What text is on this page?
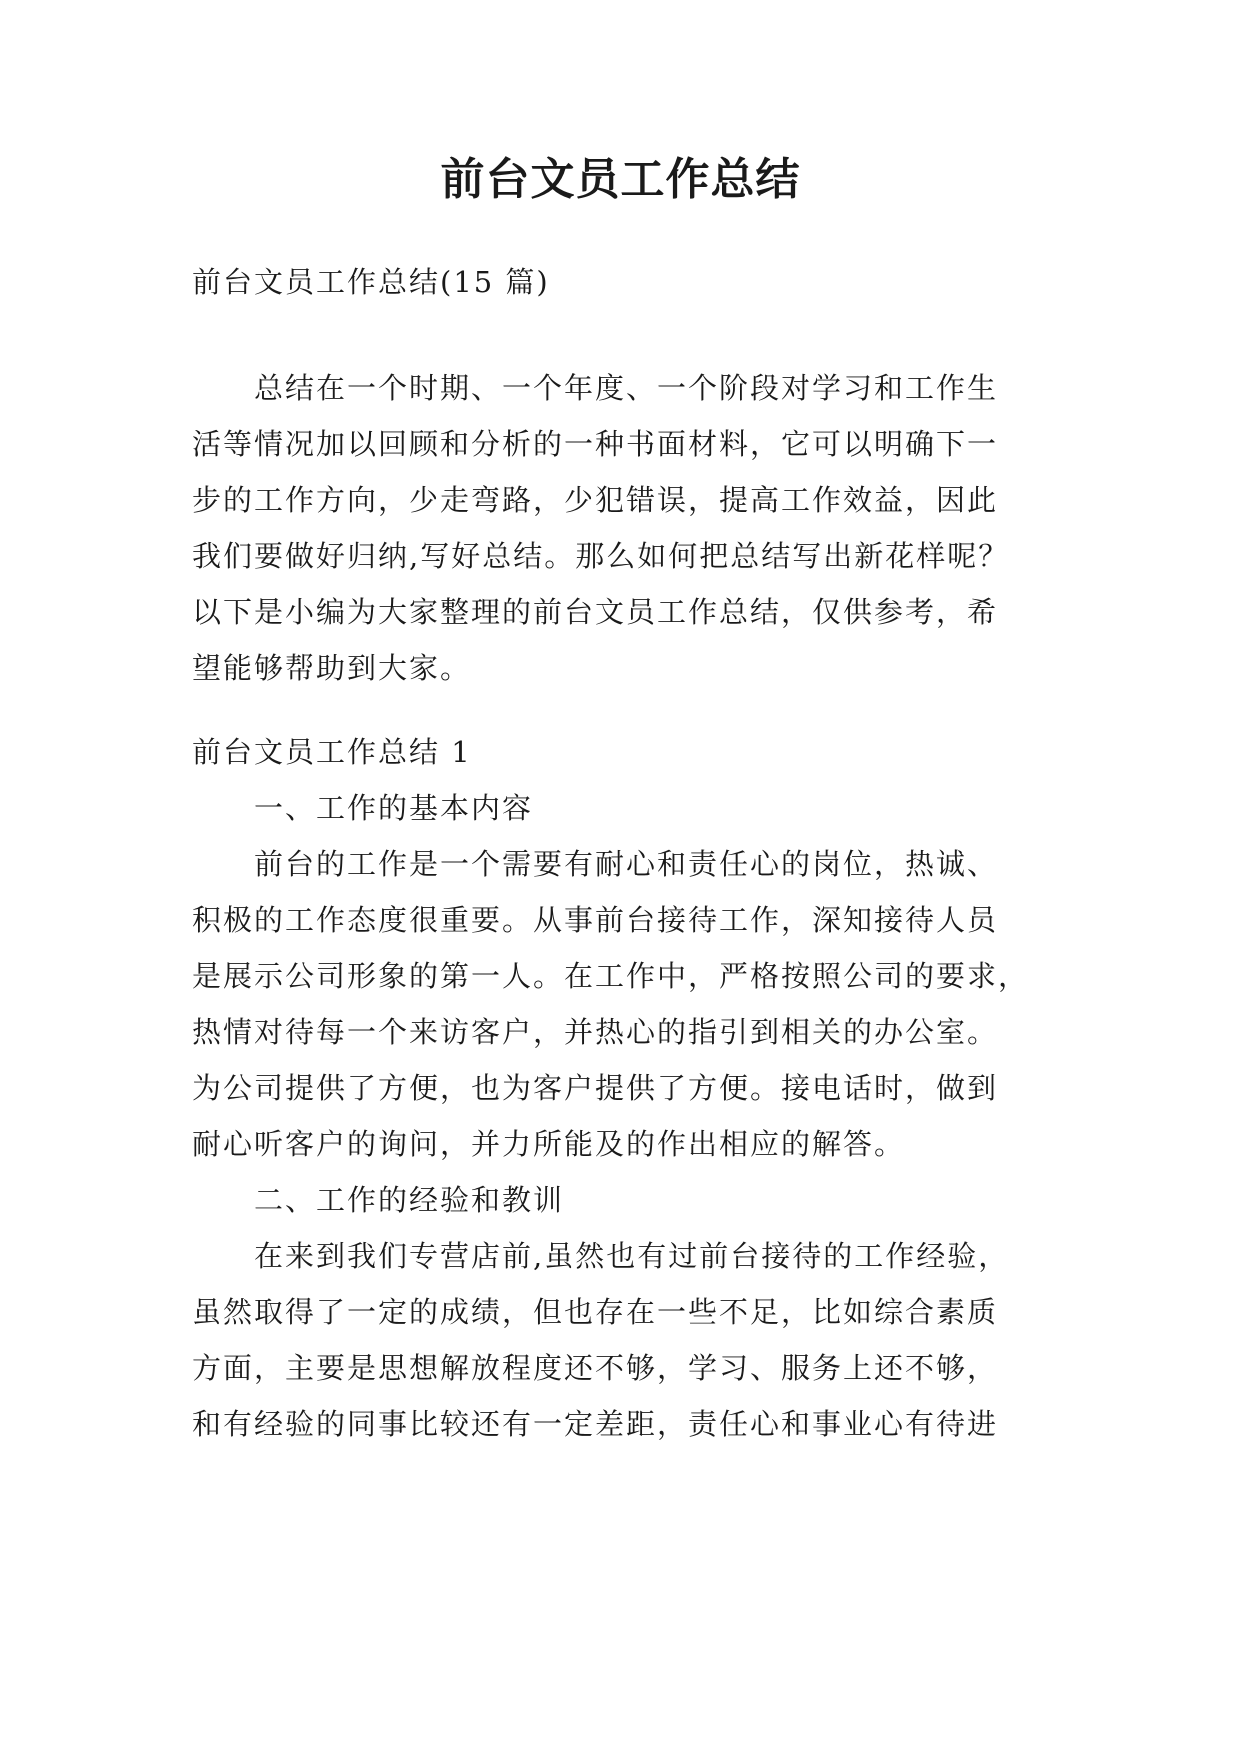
前台文员工作总结
前台文员工作总结(15 篇)
　　总结在一个时期、一个年度、一个阶段对学习和工作生
活等情况加以回顾和分析的一种书面材料，它可以明确下一
步的工作方向，少走弯路，少犯错误，提高工作效益，因此
我们要做好归纳,写好总结。那么如何把总结写出新花样呢？
以下是小编为大家整理的前台文员工作总结，仅供参考，希
望能够帮助到大家。
前台文员工作总结 1
　　一、工作的基本内容
　　前台的工作是一个需要有耐心和责任心的岗位，热诚、
积极的工作态度很重要。从事前台接待工作，深知接待人员
是展示公司形象的第一人。在工作中，严格按照公司的要求，
热情对待每一个来访客户，并热心的指引到相关的办公室。
为公司提供了方便，也为客户提供了方便。接电话时，做到
耐心听客户的询问，并力所能及的作出相应的解答。
　　二、工作的经验和教训
　　在来到我们专营店前,虽然也有过前台接待的工作经验，
虽然取得了一定的成绩，但也存在一些不足，比如综合素质
方面，主要是思想解放程度还不够，学习、服务上还不够，
和有经验的同事比较还有一定差距，责任心和事业心有待进
